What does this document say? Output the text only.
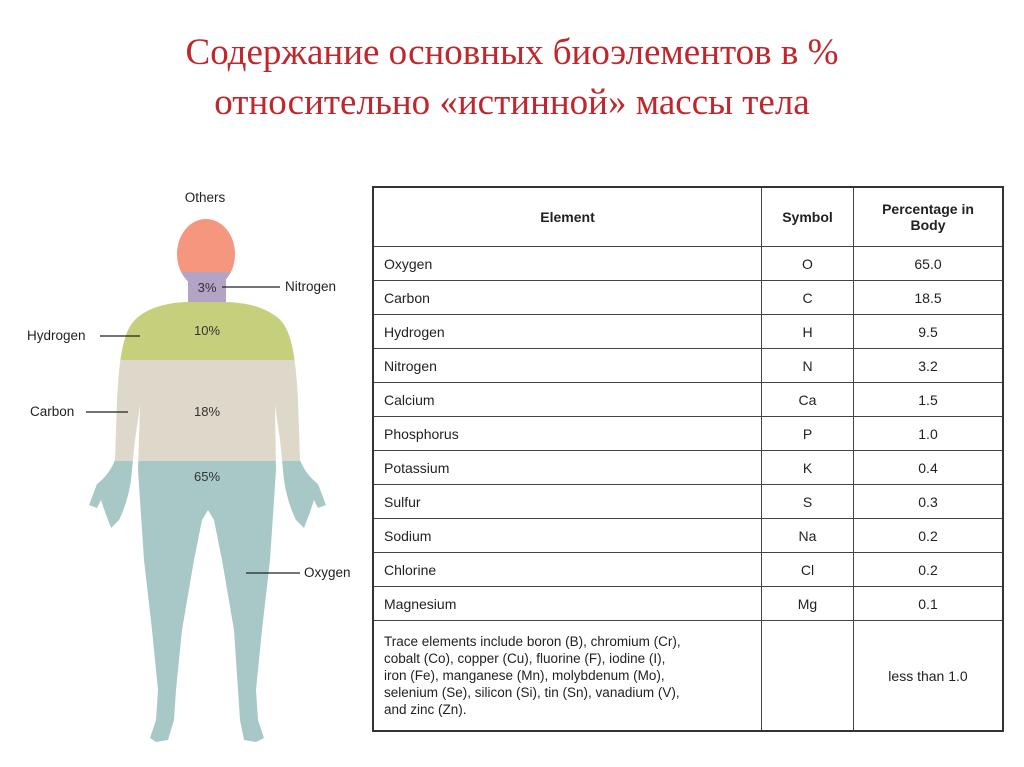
Содержание основных биоэлементов в %
относительно «истинной» массы тела
3%
10%
18%
65%
Others
Nitrogen
Hydrogen
Carbon
Oxygen
Element	Symbol	Percentage in Body
Oxygen	O	65.0
Carbon	C	18.5
Hydrogen	H	9.5
Nitrogen	N	3.2
Calcium	Ca	1.5
Phosphorus	P	1.0
Potassium	K	0.4
Sulfur	S	0.3
Sodium	Na	0.2
Chlorine	Cl	0.2
Magnesium	Mg	0.1

Trace elements include boron (B), chromium (Cr),
cobalt (Co), copper (Cu), fluorine (F), iodine (I),
iron (Fe), manganese (Mn), molybdenum (Mo),
selenium (Se), silicon (Si), tin (Sn), vanadium (V),
and zinc (Zn).		less than 1.0
